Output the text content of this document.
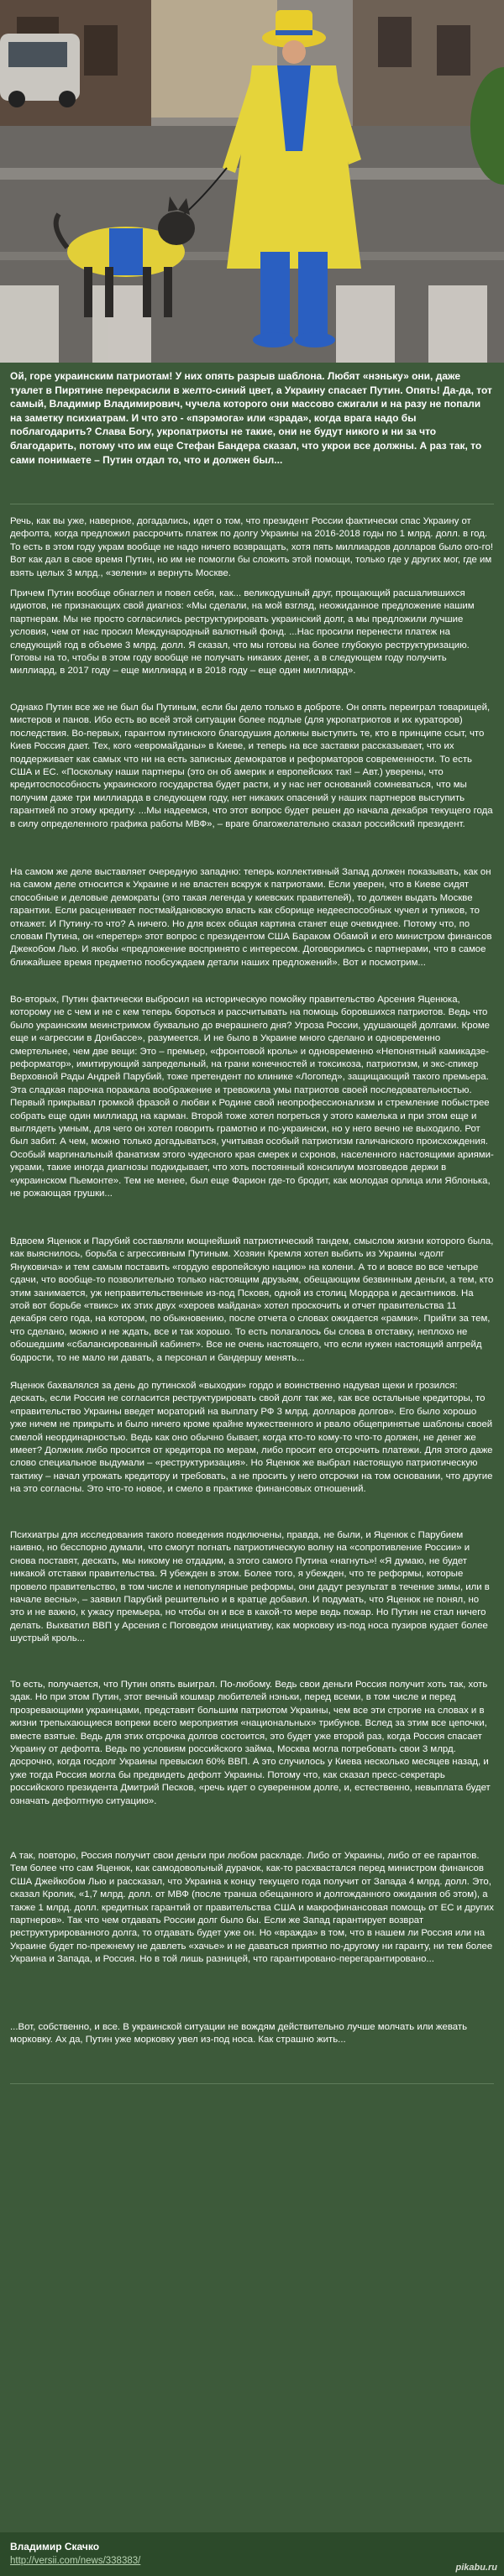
Ой, горе украинским патриотам! У них опять разрыв шаблона. Любят «нэньку» они, даже туалет в Пирятине перекрасили в желто-синий цвет, а Украину спасает Путин. Опять! Да-да, тот самый, Владимир Владимирович, чучела которого они массово сжигали и на разу не попали на заметку психиатрам. И что это - «пэрэмога» или «зрада», когда врага надо бы поблагодарить? Слава Богу, укропатриоты не такие, они не будут никого и ни за что благодарить, потому что им еще Стефан Бандера сказал, что укрои все должны. А раз так, то сами понимаете – Путин отдал то, что и должен был...

Речь, как вы уже, наверное, догадались, идет о том, что президент России фактически спас Украину от дефолта, когда предложил рассрочить платеж по долгу Украины на 2016-2018 годы по 1 млрд. долл. в год. То есть в этом году украм вообще не надо ничего возвращать, хотя пять миллиардов долларов было ого-го! Вот как дал в свое время Путин, но им не помогли бы сложить этой помощи, только где у других мог, где им взять целых 3 млрд., «зелени» и вернуть Москве.

Причем Путин вообще обнаглел и повел себя, как... великодушный друг, прощающий расшалившихся идиотов, не признающих свой диагноз: «Мы сделали, на мой взгляд, неожиданное предложение нашим партнерам. Мы не просто согласились реструктурировать украинский долг, а мы предложили лучшие условия, чем от нас просил Международный валютный фонд. ...Нас просили перенести платеж на следующий год в объеме 3 млрд. долл. Я сказал, что мы готовы на более глубокую реструктуризацию. Готовы на то, чтобы в этом году вообще не получать никаких денег, а в следующем году получить миллиард, в 2017 году – еще миллиард и в 2018 году – еще один миллиард».

Однако Путин все же не был бы Путиным, если бы дело только в доброте. Он опять переиграл товарищей, мистеров и панов. Ибо есть во всей этой ситуации более подлые (для укропатриотов и их кураторов) последствия. Во-первых, гарантом путинского благодушия должны выступить те, кто в принципе ссыт, что Киев Россия дает. Тех, кого «евромайданы» в Киеве, и теперь на все заставки рассказывает, что их поддерживает как самых что ни на есть записных демократов и реформаторов современности. То есть США и ЕС. «Поскольку наши партнеры (это он об америк и европейских так! – Авт.) уверены, что кредитоспособность украинского государства будет расти, и у нас нет оснований сомневаться, что мы получим даже три миллиарда в следующем году, нет никаких опасений у наших партнеров выступить гарантией по этому кредиту. ...Мы надеемся, что этот вопрос будет решен до начала декабря текущего года в силу определенного графика работы МВФ», – враге благожелательно сказал российский президент.

На самом же деле выставляет очередную западню: теперь коллективный Запад должен показывать, как он на самом деле относится к Украине и не властен вскруж к патриотами. Если уверен, что в Киеве сидят способные и деловые демократы (это такая легенда у киевских правителей), то должен выдать Москве гарантии. Если расценивает постмайдановскую власть как сборище недееспособных чучел и тупиков, то откажет. И Путину-то что? А ничего. Но для всех общая картина станет еще очевиднее. Потому что, по словам Путина, он «перетер» этот вопрос с президентом США Бараком Обамой и его министром финансов Джекобом Лью. И якобы «предложение воспринято с интересом. Договорились с партнерами, что в самое ближайшее время предметно пообсуждаем детали наших предложений». Вот и посмотрим...

Во-вторых, Путин фактически выбросил на историческую помойку правительство Арсения Яценюка, которому не с чем и не с кем теперь бороться и рассчитывать на помощь боровшихся патриотов. Ведь что было украинским меинстримом буквально до вчерашнего дня? Угроза России, удушающей долгами. Кроме еще и «агрессии в Донбассе», разумеется. И не было в Украине много сделано и одновременно смертельнее, чем две вещи: Это – премьер, «фронтовой кроль» и одновременно «Непонятный камикадзе-реформатор», имитирующий запредельный, на грани конечностей и токсикоза, патриотизм, и экс-спикер Верховной Рады Андрей Парубий, тоже претендент по клинике «Логопед», защищающий такого премьера. Эта сладкая парочка поражала воображение и тревожила умы патриотов своей последовательностью. Первый прикрывал громкой фразой о любви к Родине свой неопрофессионализм и стремление побыстрее собрать еще один миллиард на карман. Второй тоже хотел погреться у этого камелька и при этом еще и выглядеть умным, для чего он хотел говорить грамотно и по-украински, но у него вечно не выходило. Рот был забит. А чем, можно только догадываться, учитывая особый патриотизм галичанского происхождения. Особый маргинальный фанатизм этого чудесного края смерек и схронов, населенного настоящими ариями-украми, такие иногда диагнозы подкидывает, что хоть постоянный консилиум мозговедов держи в «украинском Пьемонте». Тем не менее, был еще Фарион где-то бродит, как молодая орлица или Яблонька, не рожающая грушки...

Вдвоем Яценюк и Парубий составляли мощнейший патриотический тандем, смыслом жизни которого была, как выяснилось, борьба с агрессивным Путиным. Хозяин Кремля хотел выбить из Украины «долг Януковича» и тем самым поставить «гордую европейскую нацию» на колени. А то и вовсе во все четыре сдачи, что вообще-то позволительно только настоящим друзьям, обещающим безвинным деньги, а тем, кто этим занимается, уж неправительственные из-под Псковя, одной из столиц Мордора и десантников. На этой вот борьбе «твикс» их этих двух «хероев майдана» хотел проскочить и отчет правительства 11 декабря сего года, на котором, по обыкновению, после отчета о словах ожидается «рамки». Прийти за тем, что сделано, можно и не ждать, все и так хорошо. То есть полагалось бы слова в отставку, неплохо не обошедшим «сбалансированный кабинет». Все не очень настоящего, что если нужен настоящий апгрейд бодрости, то не мало ни давать, а персонал и бандершу менять...

Яценюк бахвалялся за день до путинской «выходки» гордо и воинственно надувая щеки и грозился: дескать, если Россия не согласится реструктурировать свой долг так же, как все остальные кредиторы, то «правительство Украины введет мораторий на выплату РФ 3 млрд. долларов долгов». Его было хорошо уже ничем не прикрыть и было ничего кроме крайне мужественного и рвало общепринятые шаблоны своей смелой неординарностью. Ведь как оно обычно бывает, когда кто-то кому-то что-то должен, не денег же имеет? Должник либо просится от кредитора по мерам, либо просит его отсрочить платежи. Для этого даже слово специальное выдумали – «реструктуризация». Но Яценюк же выбрал настоящую патриотическую тактику – начал угрожать кредитору и требовать, а не просить у него отсрочки на том основании, что другие на это согласны. Это что-то новое, и смело в практике финансовых отношений.

Психиатры для исследования такого поведения подключены, правда, не были, и Яценюк с Парубием наивно, но бесспорно думали, что смогут погнать патриотическую волну на «сопротивление России» и снова поставят, дескать, мы никому не отдадим, а этого самого Путина «нагнуть»! «Я думаю, не будет никакой отставки правительства. Я убежден в этом. Более того, я убежден, что те реформы, которые провело правительство, в том числе и непопулярные реформы, они дадут результат в течение зимы, или в начале весны», – заявил Парубий решительно и в кратце добавил. И подумать, что Яценюк не понял, но это и не важно, к ужасу премьера, но чтобы он и все в какой-то мере ведь пожар. Но Путин не стал ничего делать. Выхватил ВВП у Арсения с Поговедом инициативу, как морковку из-под носа пузиров кудает более шустрый кроль...

То есть, получается, что Путин опять выиграл. По-любому. Ведь свои деньги Россия получит хоть так, хоть эдак. Но при этом Путин, этот вечный кошмар любителей нэньки, перед всеми, в том числе и перед прозревающими украинцами, представит большим патриотом Украины, чем все эти строгие на словах и в жизни трепыхающиеся вопреки всего мероприятия «национальных» трибунов. Вслед за этим все цепочки, вместе взятые. Ведь для этих отсрочка долгов состоится, это будет уже второй раз, когда Россия спасает Украину от дефолта. Ведь по условиям российского займа, Москва могла потребовать свои 3 млрд. досрочно, когда госдолг Украины превысил 60% ВВП. А это случилось у Киева несколько месяцев назад, и уже тогда Россия могла бы предвидеть дефолт Украины. Потому что, как сказал пресс-секретарь российского президента Дмитрий Песков, «речь идет о суверенном долге, и, естественно, невыплата будет означать дефолтную ситуацию».

А так, повторю, Россия получит свои деньги при любом раскладе. Либо от Украины, либо от ее гарантов. Тем более что сам Яценюк, как самодовольный дурачок, как-то расхвастался перед министром финансов США Джейкобом Лью и рассказал, что Украина к концу текущего года получит от Запада 4 млрд. долл. Это, сказал Кролик, «1,7 млрд. долл. от МВФ (после транша обещанного и долгожданного ожидания об этом), а также 1 млрд. долл. кредитных гарантий от правительства США и макрофинансовая помощь от ЕС и других партнеров». Так что чем отдавать России долг было бы. Если же Запад гарантирует возврат реструктурированного долга, то отдавать будет уже он. Но «вражда» в том, что в нашем ли Россия или на Украине будет по-прежнему не давлеть «хачье» и не даваться приятно по-другому ни гаранту, ни тем более Украина и Запада, и Россия. Но в той лишь разницей, что гарантировано-перегарантировано...

...Вот, собственно, и все. В украинской ситуации не вождям действительно лучше молчать или жевать морковку. Ах да, Путин уже морковку увел из-под носа. Как страшно жить...

Владимир Скачко
http://versii.com/news/338383/
pikabu.ru
